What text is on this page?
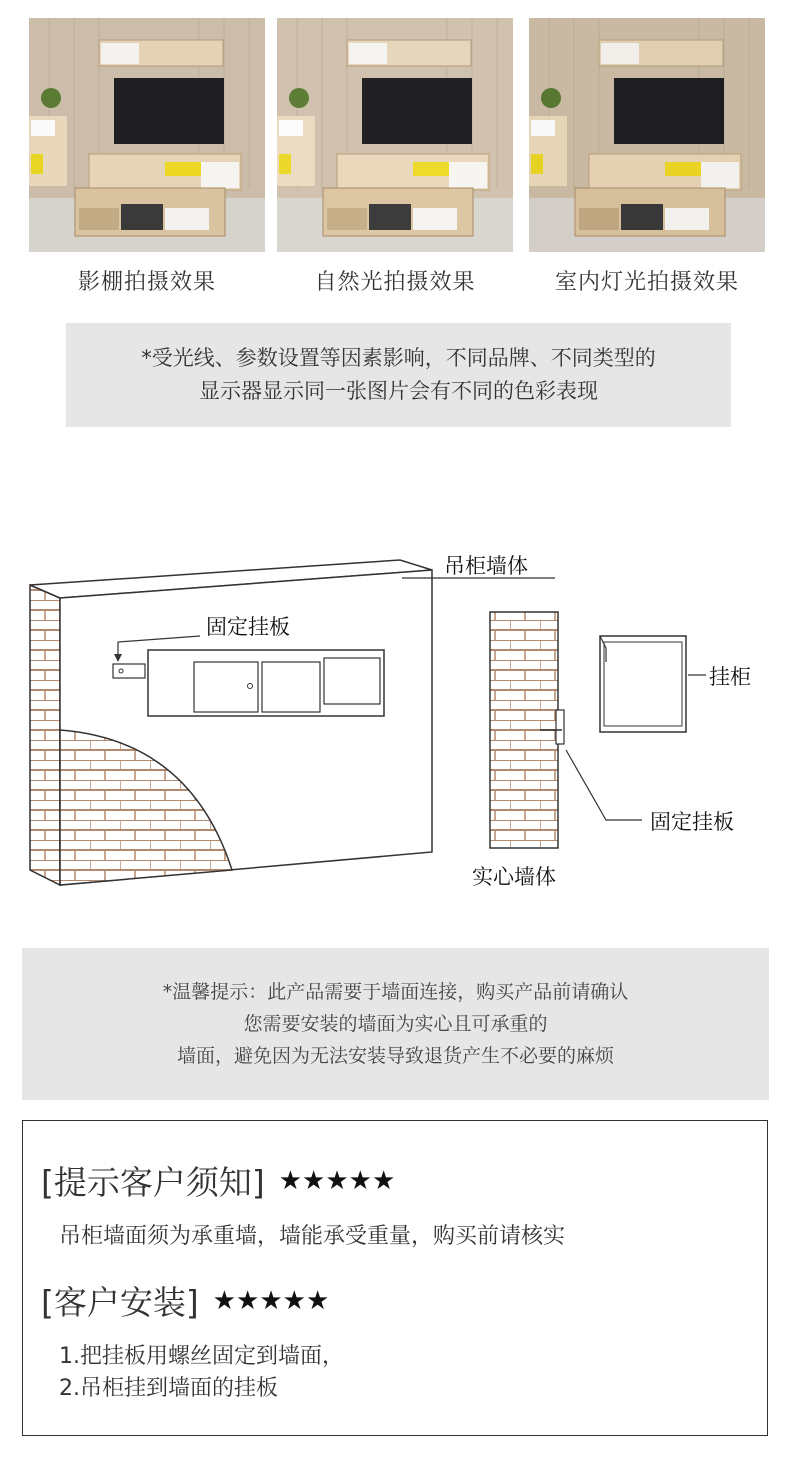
影棚拍摄效果	自然光拍摄效果	室内灯光拍摄效果
*受光线、参数设置等因素影响，不同品牌、不同类型的
显示器显示同一张图片会有不同的色彩表现
吊柜墙体
固定挂板
挂柜
固定挂板
实心墙体
*温馨提示：此产品需要于墙面连接，购买产品前请确认
您需要安装的墙面为实心且可承重的
墙面，避免因为无法安装导致退货产生不必要的麻烦
[提示客户须知] ★★★★★
吊柜墙面须为承重墙，墙能承受重量，购买前请核实
[客户安装] ★★★★★
1.把挂板用螺丝固定到墙面，
2.吊柜挂到墙面的挂板
